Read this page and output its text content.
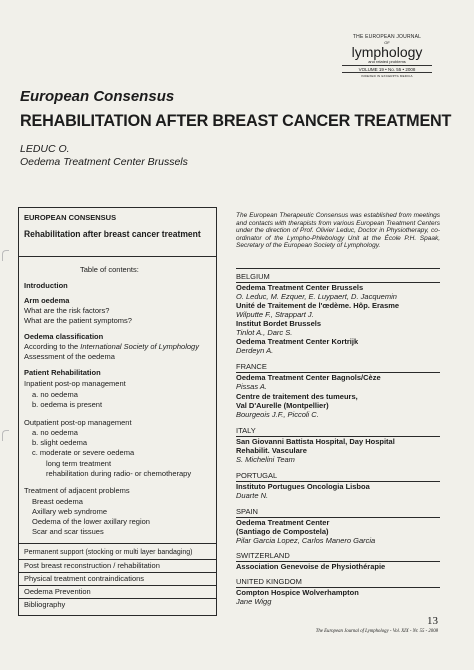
THE EUROPEAN JOURNAL
OF
lymphology
and related problems
VOLUME 19 • No. 55 • 2008
INDEXED IN EXCERPTA MEDICA
European Consensus
REHABILITATION AFTER BREAST CANCER TREATMENT
LEDUC O.
Oedema Treatment Center Brussels
EUROPEAN CONSENSUS
Rehabilitation after breast cancer treatment
Table of contents:
Introduction
Arm oedema
What are the risk factors?
What are the patient symptoms?
Oedema classification
According to the International Society of Lymphology
Assessment of the oedema
Patient Rehabilitation
Inpatient post-op management
a. no oedema
b. oedema is present
Outpatient post-op management
a. no oedema
b. slight oedema
c. moderate or severe oedema
long term treatment
rehabilitation during radio- or chemotherapy
Treatment of adjacent problems
Breast oedema
Axillary web syndrome
Oedema of the lower axillary region
Scar and scar tissues
Permanent support (stocking or multi layer bandaging)
Post breast reconstruction / rehabilitation
Physical treatment contraindications
Oedema Prevention
Bibliography
The European Therapeutic Consensus was established from meetings and contacts with therapists from various European Treatment Centers under the direction of Prof. Olivier Leduc, Doctor in Physiotherapy, co-ordinator of the Lympho-Phlebology Unit at the École P.H. Spaak, Secretary of the European Society of Lymphology.
BELGIUM
Oedema Treatment Center Brussels
O. Leduc, M. Ezquer, E. Luypaert, D. Jacquemin
Unité de Traitement de l'œdème. Hôp. Erasme
Wilputte F., Strappart J.
Institut Bordet Brussels
Tinlot A., Darc S.
Oedema Treatment Center Kortrijk
Derdeyn A.
FRANCE
Oedema Treatment Center Bagnols/Cèze
Pissas A.
Centre de traitement des tumeurs,
Val D'Aurelle (Montpellier)
Bourgeois J.F., Piccoli C.
ITALY
San Giovanni Battista Hospital, Day Hospital
Rehabilit. Vasculare
S. Michelini Team
PORTUGAL
Instituto Portugues Oncologia Lisboa
Duarte N.
SPAIN
Oedema Treatment Center
(Santiago de Compostela)
Pilar Garcia Lopez, Carlos Manero Garcia
SWITZERLAND
Association Genevoise de Physiothérapie
UNITED KINGDOM
Compton Hospice Wolverhampton
Jane Wigg
13
The European Journal of Lymphology - Vol. XIX - Nr. 55 - 2008
